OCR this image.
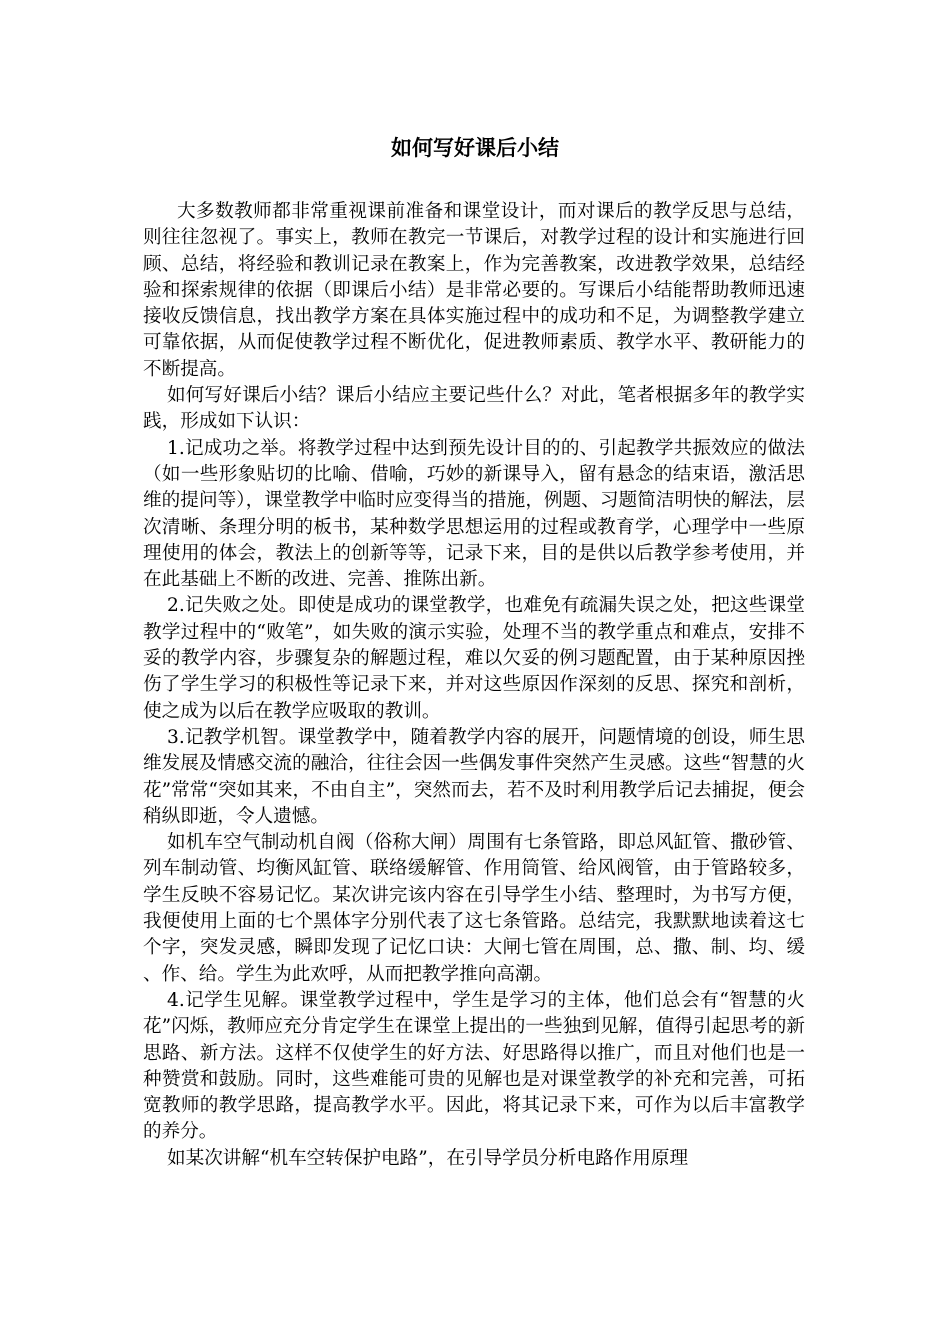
如何写好课后小结

大多数教师都非常重视课前准备和课堂设计，而对课后的教学反思与总结，则往往忽视了。事实上，教师在教完一节课后，对教学过程的设计和实施进行回顾、总结，将经验和教训记录在教案上，作为完善教案，改进教学效果，总结经验和探索规律的依据（即课后小结）是非常必要的。写课后小结能帮助教师迅速接收反馈信息，找出教学方案在具体实施过程中的成功和不足，为调整教学建立可靠依据，从而促使教学过程不断优化，促进教师素质、教学水平、教研能力的不断提高。

如何写好课后小结？课后小结应主要记些什么？对此，笔者根据多年的教学实践，形成如下认识：

1.记成功之举。将教学过程中达到预先设计目的的、引起教学共振效应的做法（如一些形象贴切的比喻、借喻，巧妙的新课导入，留有悬念的结束语，激活思维的提问等），课堂教学中临时应变得当的措施，例题、习题简洁明快的解法，层次清晰、条理分明的板书，某种数学思想运用的过程或教育学，心理学中一些原理使用的体会，教法上的创新等等，记录下来，目的是供以后教学参考使用，并在此基础上不断的改进、完善、推陈出新。

2.记失败之处。即使是成功的课堂教学，也难免有疏漏失误之处，把这些课堂教学过程中的“败笔”，如失败的演示实验，处理不当的教学重点和难点，安排不妥的教学内容，步骤复杂的解题过程，难以欠妥的例习题配置，由于某种原因挫伤了学生学习的积极性等记录下来，并对这些原因作深刻的反思、探究和剖析，使之成为以后在教学应吸取的教训。

3.记教学机智。课堂教学中，随着教学内容的展开，问题情境的创设，师生思维发展及情感交流的融洽，往往会因一些偶发事件突然产生灵感。这些“智慧的火花”常常“突如其来，不由自主”，突然而去，若不及时利用教学后记去捕捉，便会稍纵即逝，令人遗憾。

如机车空气制动机自阀（俗称大闸）周围有七条管路，即总风缸管、撒砂管、列车制动管、均衡风缸管、联络缓解管、作用筒管、给风阀管，由于管路较多，学生反映不容易记忆。某次讲完该内容在引导学生小结、整理时，为书写方便，我便使用上面的七个黑体字分别代表了这七条管路。总结完，我默默地读着这七个字，突发灵感，瞬即发现了记忆口诀：大闸七管在周围，总、撒、制、均、缓、作、给。学生为此欢呼，从而把教学推向高潮。

4.记学生见解。课堂教学过程中，学生是学习的主体，他们总会有“智慧的火花”闪烁，教师应充分肯定学生在课堂上提出的一些独到见解，值得引起思考的新思路、新方法。这样不仅使学生的好方法、好思路得以推广，而且对他们也是一种赞赏和鼓励。同时，这些难能可贵的见解也是对课堂教学的补充和完善，可拓宽教师的教学思路，提高教学水平。因此，将其记录下来，可作为以后丰富教学的养分。

如某次讲解“机车空转保护电路”，在引导学员分析电路作用原理
